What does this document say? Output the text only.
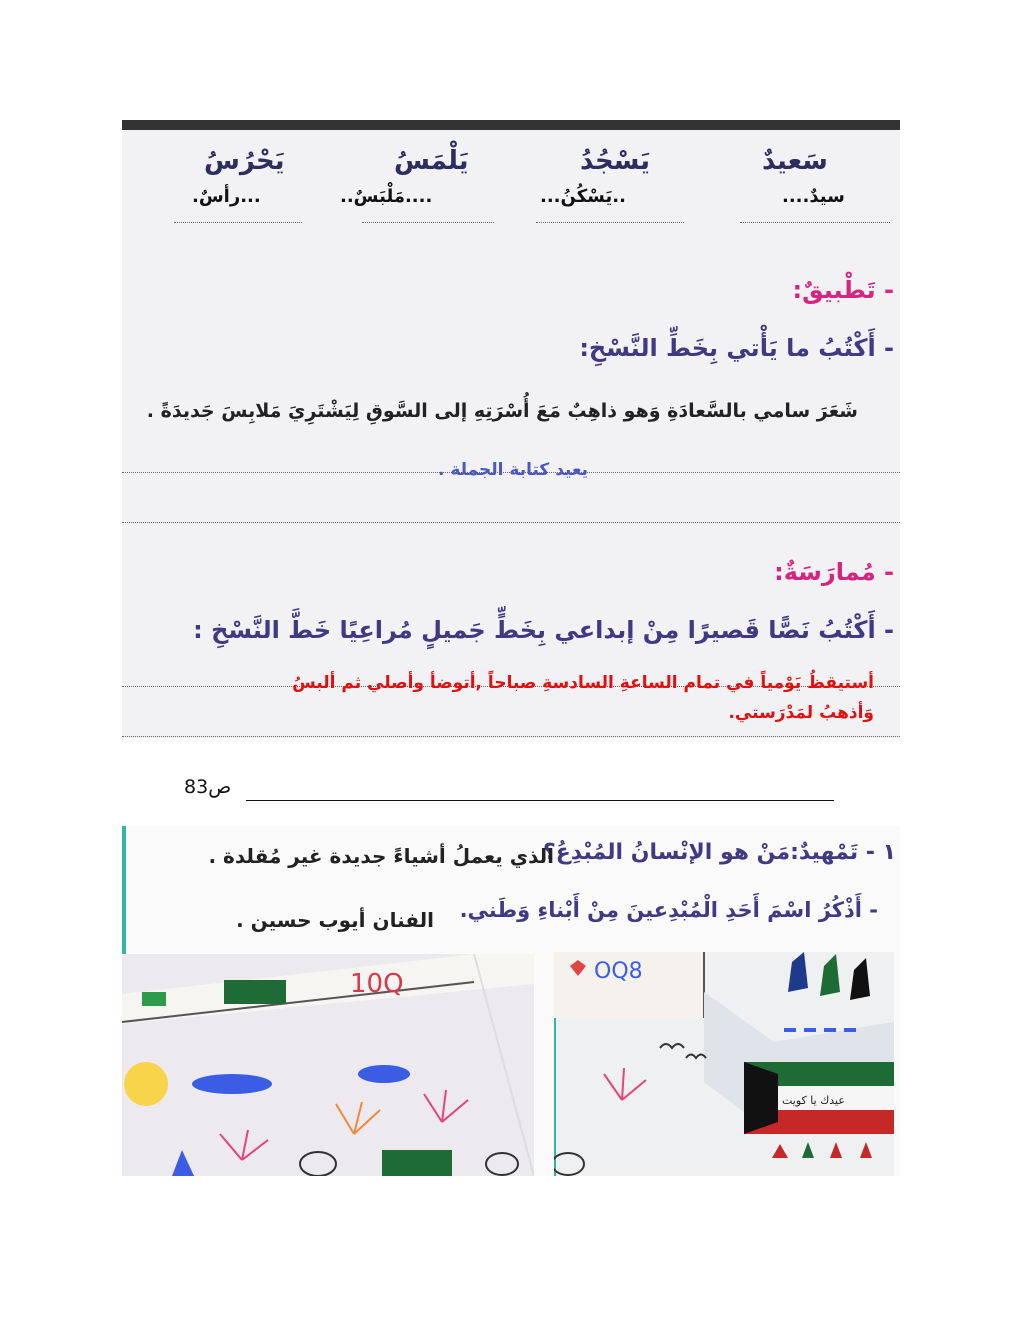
سَعيدٌ
يَسْجُدُ
يَلْمَسُ
يَحْرُسُ
سيدٌ....
..يَسْكُنُ...
....مَلْبَسٌ..
...رأسٌ.
- تَطْبيقٌ:
- أَكْتُبُ ما يَأْتي بِخَطِّ النَّسْخِ:
شَعَرَ سامي بالسَّعادَةِ وَهو ذاهِبٌ مَعَ أُسْرَتِهِ إلى السَّوقِ لِيَشْتَرِيَ مَلابِسَ جَديدَةً .
يعيد كتابة الجملة .
- مُمارَسَةٌ:
- أَكْتُبُ نَصًّا قَصيرًا مِنْ إبداعي بِخَطٍّ جَميلٍ مُراعِيًا خَطَّ النَّسْخِ :
أستيقظُ يَوْمياً في تمام الساعةِ السادسةِ صباحاً ,أتوضأ وأصلي ثم ألبسُ
وَأذهبُ لمَدْرَستي.
ص83
١ - تَمْهيدٌ:مَنْ هو الإنْسانُ المُبْدِعُ؟
الذي يعملُ أشياءً جديدة غير مُقلدة .
- أَذْكُرُ اسْمَ أَحَدِ الْمُبْدِعينَ مِنْ أَبْناءِ وَطَني.
الفنان أيوب حسين .
10Q	OQ8
عيدك يا كويت
